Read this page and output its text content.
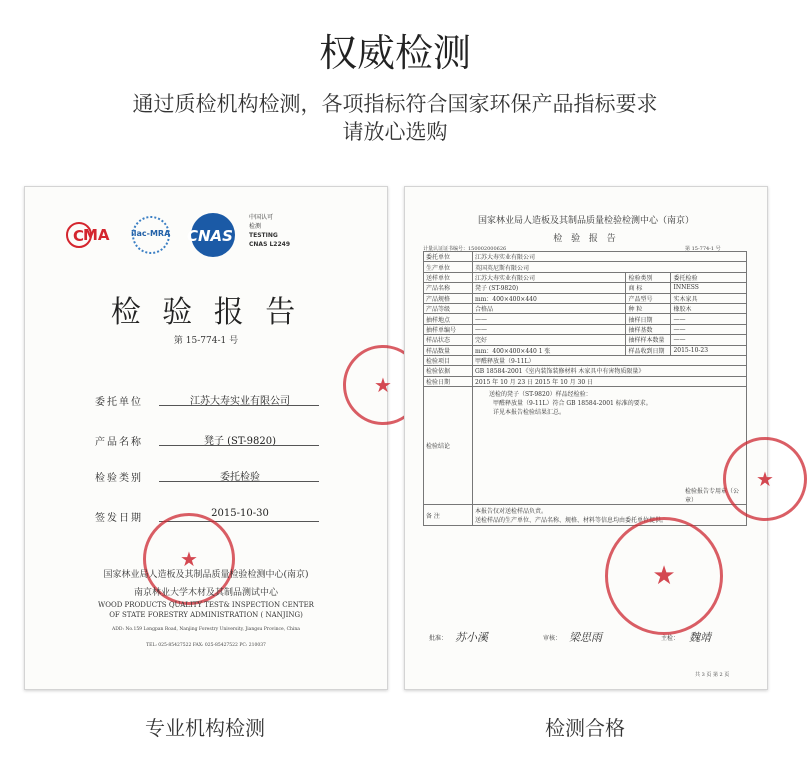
权威检测
通过质检机构检测，各项指标符合国家环保产品指标要求
请放心选购
C
MA	ilac-MRA CNAS
中国认可
检测
TESTING
CNAS L2249
检 验 报 告
第 15-774-1 号
委托单位	江苏大寿实业有限公司
产品名称	凳子 (ST-9820)
检验类别	委托检验
签发日期	2015-10-30
★
★
国家林业局人造板及其制品质量检验检测中心(南京)
南京林业大学木材及其制品测试中心
WOOD PRODUCTS QUALITY TEST& INSPECTION CENTER
OF STATE FORESTRY ADMINISTRATION ( NANJING)
ADD: No.159 Longpan Road, Nanjing Forestry University, Jiangsu Province, China
TEL: 025-85427522 FAX: 025-85427522 PC: 210037
国家林业局人造板及其制品质量检验检测中心（南京）
检 验 报 告
计量认证证书编号：150002000626	第 15-774-1 号
委托单位	江苏大寿实业有限公司		
生产单位	英国英尼斯有限公司		
送样单位	江苏大寿实业有限公司	检验类别	委托检验
产品名称	凳子 (ST-9820)	商 标	INNESS
产品规格	mm：400×400×440	产品型号	实木家具
产品等级	合格品	种 粒	橡胶木
抽样地点	——	抽样日期	——
抽样单编号	——	抽样基数	——
样品状态	完好	抽样样本数量	——
样品数量	mm：400×400×440 1 张	样品收到日期	2015-10-23
检验项目	甲醛释放量（9-11L）		
检验依据	GB 18584-2001《室内装饰装修材料 木家具中有害物质限量》		
检验日期	2015 年 10 月 23 日 2015 年 10 月 30 日		
检验结论	送检的凳子（ST-9820）样品经检验：
甲醛释放量（9-11L）符合 GB 18584-2001 标准的要求。
详见本报告检验结果汇总。
检验报告专用章（公章）		

备 注	本报告仅对送检样品负责。
送检样品的生产单位、产品名称、规格、材料等信息均由委托单位提供。		
批准： 苏小溪	审核： 梁思雨	主检： 魏靖
共 3 页 第 2 页
★
★
专业机构检测	检测合格
